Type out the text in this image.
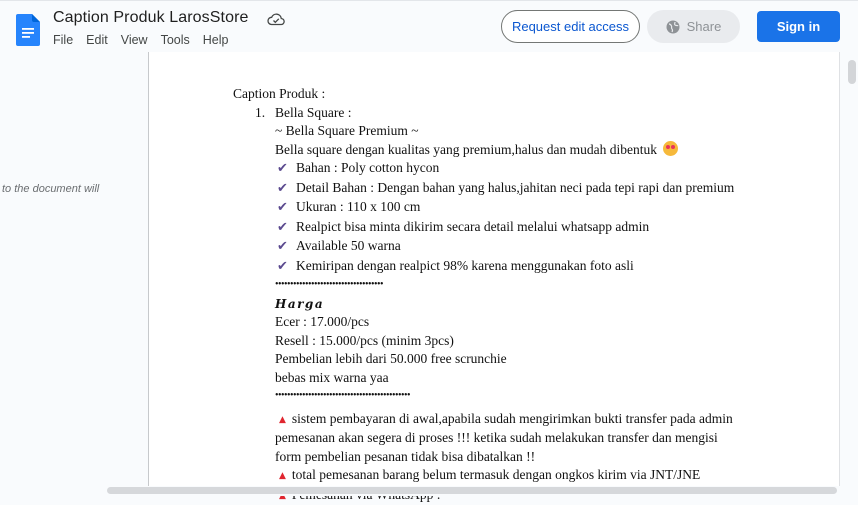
Caption Produk LarosStore
File Edit View Tools Help
Request edit access	Share	Sign in
to the document will
Caption Produk :
1. Bella Square :
~ Bella Square Premium ~
Bella square dengan kualitas yang premium,halus dan mudah dibentuk
✔ Bahan : Poly cotton hycon
✔ Detail Bahan : Dengan bahan yang halus,jahitan neci pada tepi rapi dan premium
✔ Ukuran : 110 x 100 cm
✔ Realpict bisa minta dikirim secara detail melalui whatsapp admin
✔ Available 50 warna
✔ Kemiripan dengan realpict 98% karena menggunakan foto asli
••••••••••••••••••••••••••••••••••••
Harga
Ecer : 17.000/pcs
Resell : 15.000/pcs (minim 3pcs)
Pembelian lebih dari 50.000 free scrunchie
bebas mix warna yaa
•••••••••••••••••••••••••••••••••••••••••••••
▲ sistem pembayaran di awal,apabila sudah mengirimkan bukti transfer pada admin
pemesanan akan segera di proses !!! ketika sudah melakukan transfer dan mengisi
form pembelian pesanan tidak bisa dibatalkan !!
▲ total pemesanan barang belum termasuk dengan ongkos kirim via JNT/JNE
